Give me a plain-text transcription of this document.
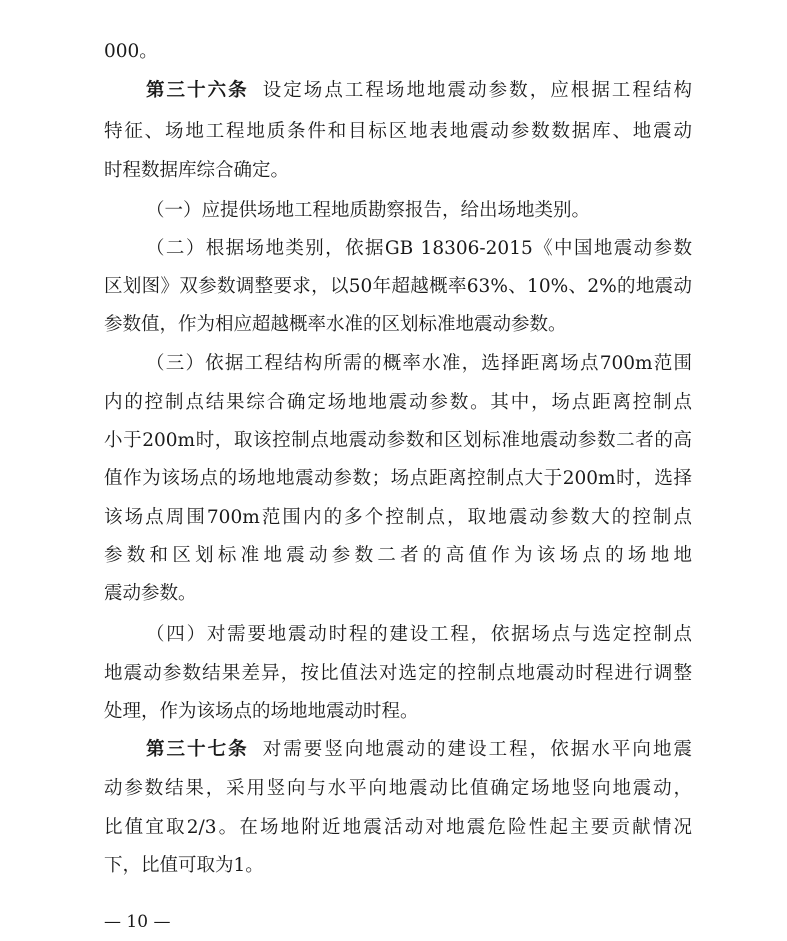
000。
第三十六条 设定场点工程场地地震动参数，应根据工程结构
特征、场地工程地质条件和目标区地表地震动参数数据库、地震动
时程数据库综合确定。
（一）应提供场地工程地质勘察报告，给出场地类别。
（二）根据场地类别，依据GB 18306-2015《中国地震动参数
区划图》双参数调整要求，以50年超越概率63%、10%、2%的地震动
参数值，作为相应超越概率水准的区划标准地震动参数。
（三）依据工程结构所需的概率水准，选择距离场点700m范围
内的控制点结果综合确定场地地震动参数。其中，场点距离控制点
小于200m时，取该控制点地震动参数和区划标准地震动参数二者的高
值作为该场点的场地地震动参数；场点距离控制点大于200m时，选择
该场点周围700m范围内的多个控制点，取地震动参数大的控制点
参数和区划标准地震动参数二者的高值作为该场点的场地地
震动参数。
（四）对需要地震动时程的建设工程，依据场点与选定控制点
地震动参数结果差异，按比值法对选定的控制点地震动时程进行调整
处理，作为该场点的场地地震动时程。
第三十七条 对需要竖向地震动的建设工程，依据水平向地震
动参数结果，采用竖向与水平向地震动比值确定场地竖向地震动，
比值宜取2/3。在场地附近地震活动对地震危险性起主要贡献情况
下，比值可取为1。
— 10 —
